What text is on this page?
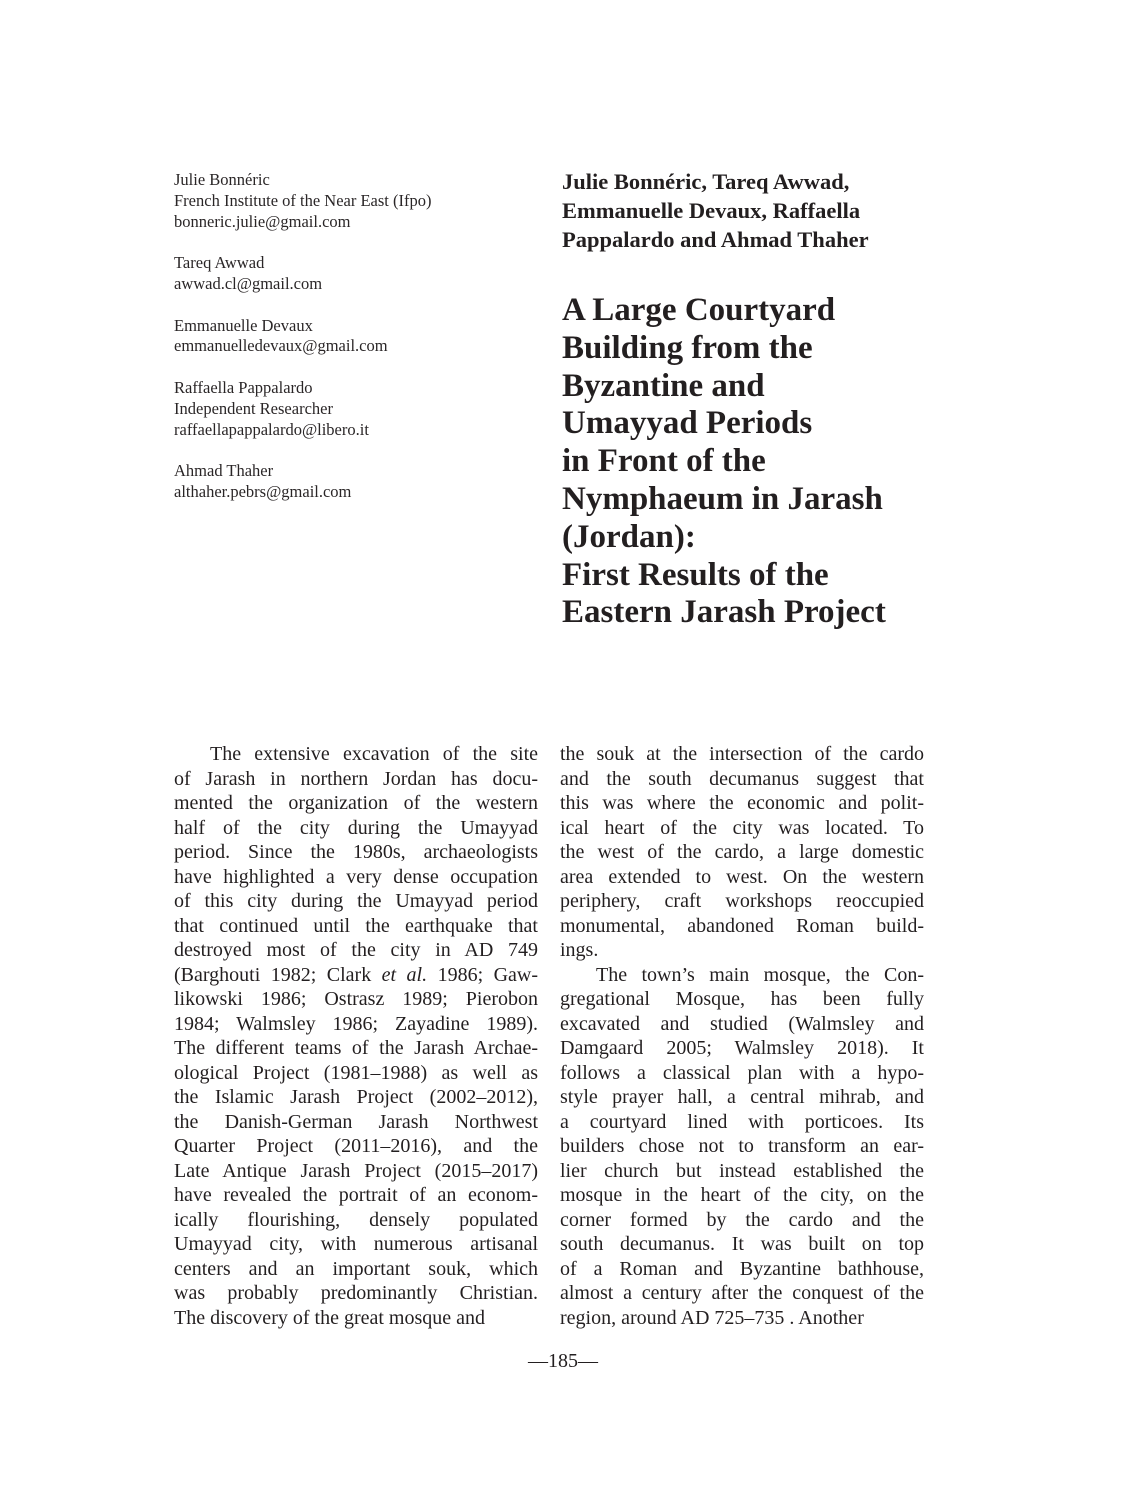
Julie Bonnéric
French Institute of the Near East (Ifpo)
bonneric.julie@gmail.com
Tareq Awwad
awwad.cl@gmail.com
Emmanuelle Devaux
emmanuelledevaux@gmail.com
Raffaella Pappalardo
Independent Researcher
raffaellapappalardo@libero.it
Ahmad Thaher
althaher.pebrs@gmail.com
Julie Bonnéric, Tareq Awwad,
Emmanuelle Devaux, Raffaella
Pappalardo and Ahmad Thaher
A Large Courtyard
Building from the
Byzantine and
Umayyad Periods
in Front of the
Nymphaeum in Jarash
(Jordan):
First Results of the
Eastern Jarash Project
The extensive excavation of the site
of Jarash in northern Jordan has docu-
mented the organization of the western
half of the city during the Umayyad
period. Since the 1980s, archaeologists
have highlighted a very dense occupation
of this city during the Umayyad period
that continued until the earthquake that
destroyed most of the city in AD 749
(Barghouti 1982; Clark et al. 1986; Gaw-
likowski 1986; Ostrasz 1989; Pierobon
1984; Walmsley 1986; Zayadine 1989).
The different teams of the Jarash Archae-
ological Project (1981–1988) as well as
the Islamic Jarash Project (2002–2012),
the Danish-German Jarash Northwest
Quarter Project (2011–2016), and the
Late Antique Jarash Project (2015–2017)
have revealed the portrait of an econom-
ically flourishing, densely populated
Umayyad city, with numerous artisanal
centers and an important souk, which
was probably predominantly Christian.
The discovery of the great mosque and
the souk at the intersection of the cardo
and the south decumanus suggest that
this was where the economic and polit-
ical heart of the city was located. To
the west of the cardo, a large domestic
area extended to west. On the western
periphery, craft workshops reoccupied
monumental, abandoned Roman build-
ings.
The town’s main mosque, the Con-
gregational Mosque, has been fully
excavated and studied (Walmsley and
Damgaard 2005; Walmsley 2018). It
follows a classical plan with a hypo-
style prayer hall, a central mihrab, and
a courtyard lined with porticoes. Its
builders chose not to transform an ear-
lier church but instead established the
mosque in the heart of the city, on the
corner formed by the cardo and the
south decumanus. It was built on top
of a Roman and Byzantine bathhouse,
almost a century after the conquest of the
region, around AD 725–735 . Another
—185—
